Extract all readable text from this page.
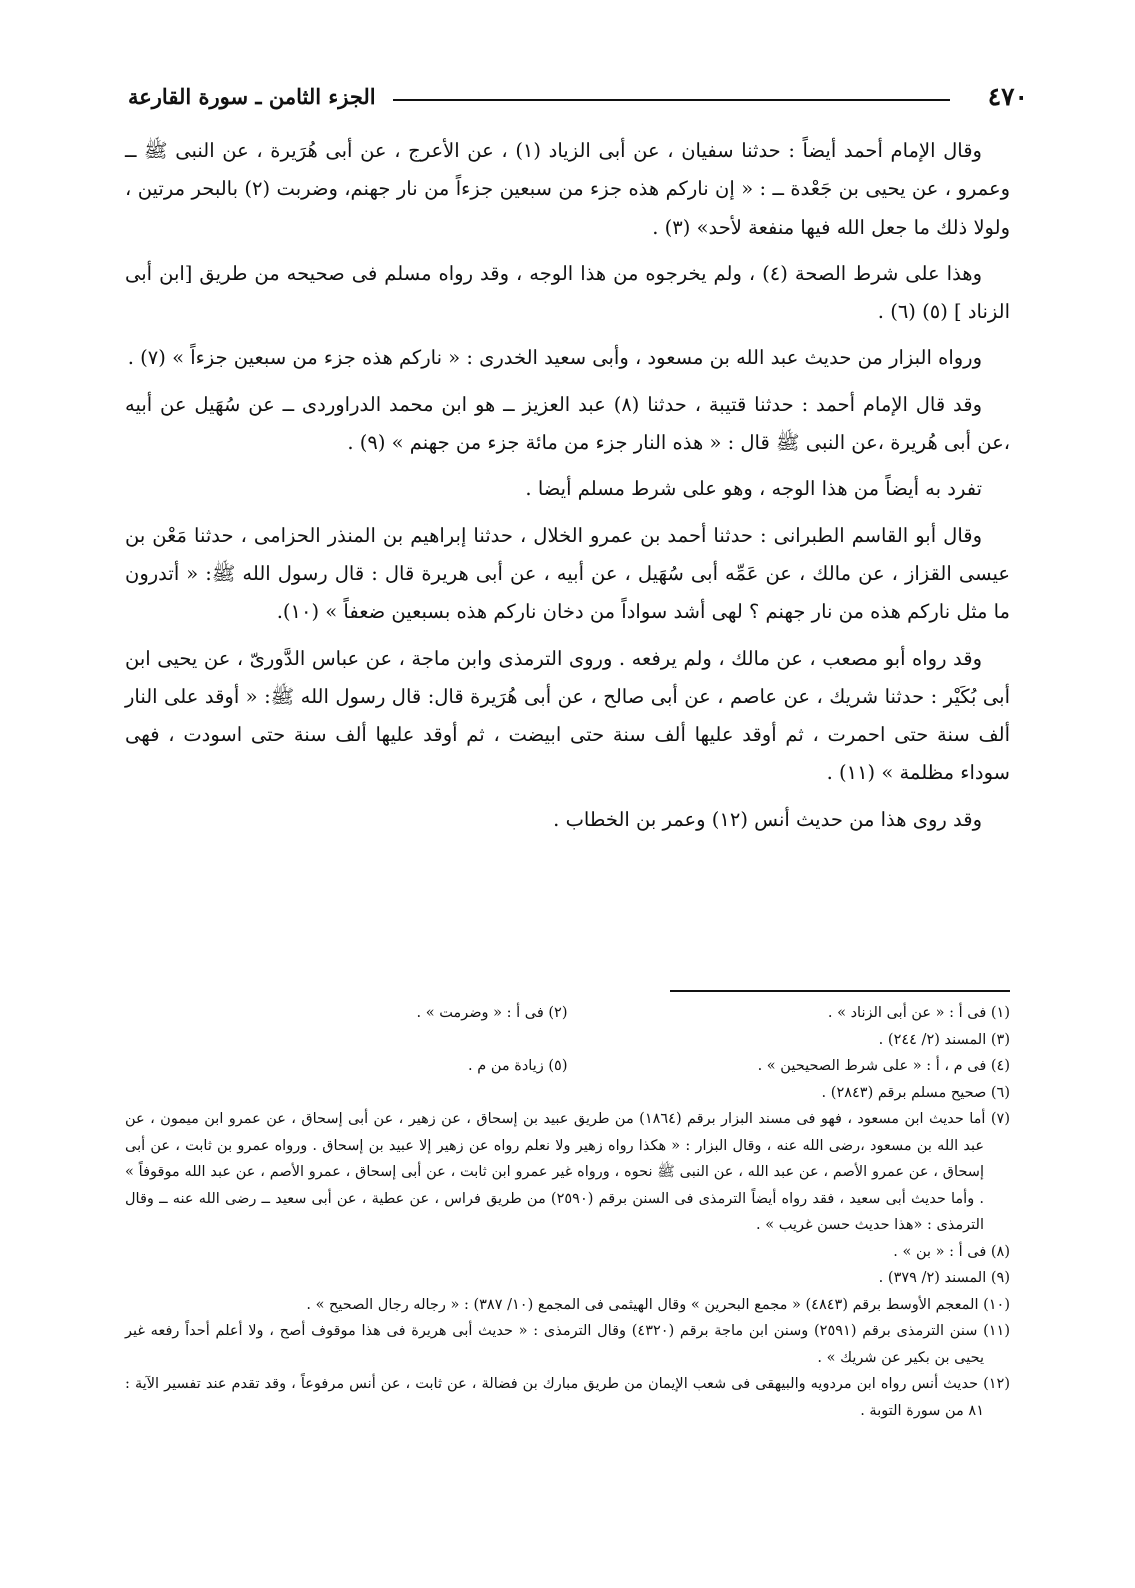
٤٧٠
الجزء الثامن ـ سورة القارعة

وقال الإمام أحمد أيضاً : حدثنا سفيان ، عن أبى الزياد (١) ، عن الأعرج ، عن أبى هُرَيرة ، عن النبى ﷺ ــ وعمرو ، عن يحيى بن جَعْدة ــ : « إن ناركم هذه جزء من سبعين جزءاً من نار جهنم، وضربت (٢) بالبحر مرتين ، ولولا ذلك ما جعل الله فيها منفعة لأحد» (٣) .

وهذا على شرط الصحة (٤) ، ولم يخرجوه من هذا الوجه ، وقد رواه مسلم فى صحيحه من طريق [ابن أبى الزناد ] (٥) (٦) .

ورواه البزار من حديث عبد الله بن مسعود ، وأبى سعيد الخدرى : « ناركم هذه جزء من سبعين جزءاً » (٧) .

وقد قال الإمام أحمد : حدثنا قتيبة ، حدثنا (٨) عبد العزيز ــ هو ابن محمد الدراوردى ــ عن سُهَيل عن أبيه ،عن أبى هُريرة ،عن النبى ﷺ قال : « هذه النار جزء من مائة جزء من جهنم » (٩) .

تفرد به أيضاً من هذا الوجه ، وهو على شرط مسلم أيضا .

وقال أبو القاسم الطبرانى : حدثنا أحمد بن عمرو الخلال ، حدثنا إبراهيم بن المنذر الحزامى ، حدثنا مَعْن بن عيسى القزاز ، عن مالك ، عن عَمِّه أبى سُهَيل ، عن أبيه ، عن أبى هريرة قال : قال رسول الله ﷺ: « أتدرون ما مثل ناركم هذه من نار جهنم ؟ لهى أشد سواداً من دخان ناركم هذه بسبعين ضعفاً » (١٠).

وقد رواه أبو مصعب ، عن مالك ، ولم يرفعه . وروى الترمذى وابن ماجة ، عن عباس الدَّورىّ ، عن يحيى ابن أبى بُكَيْر : حدثنا شريك ، عن عاصم ، عن أبى صالح ، عن أبى هُرَيرة قال: قال رسول الله ﷺ: « أوقد على النار ألف سنة حتى احمرت ، ثم أوقد عليها ألف سنة حتى ابيضت ، ثم أوقد عليها ألف سنة حتى اسودت ، فهى سوداء مظلمة » (١١) .

وقد روى هذا من حديث أنس (١٢) وعمر بن الخطاب .

(١) فى أ : « عن أبى الزناد » .
(٢) فى أ : « وضرمت » .

(٣) المسند (٢/ ٢٤٤) .

(٤) فى م ، أ : « على شرط الصحيحين » .
(٥) زيادة من م .

(٦) صحيح مسلم برقم (٢٨٤٣) .

(٧) أما حديث ابن مسعود ، فهو فى مسند البزار برقم (١٨٦٤) من طريق عبيد بن إسحاق ، عن زهير ، عن أبى إسحاق ، عن عمرو ابن ميمون ، عن عبد الله بن مسعود ،رضى الله عنه ، وقال البزار : « هكذا رواه زهير ولا نعلم رواه عن زهير إلا عبيد بن إسحاق . ورواه عمرو بن ثابت ، عن أبى إسحاق ، عن عمرو الأصم ، عن عبد الله ، عن النبى ﷺ نحوه ، ورواه غير عمرو ابن ثابت ، عن أبى إسحاق ، عمرو الأصم ، عن عبد الله موقوفاً » . وأما حديث أبى سعيد ، فقد رواه أيضاً الترمذى فى السنن برقم (٢٥٩٠) من طريق فراس ، عن عطية ، عن أبى سعيد ــ رضى الله عنه ــ وقال الترمذى : «هذا حديث حسن غريب » .

(٨) فى أ : « بن » .

(٩) المسند (٢/ ٣٧٩) .

(١٠) المعجم الأوسط برقم (٤٨٤٣) « مجمع البحرين » وقال الهيثمى فى المجمع (١٠/ ٣٨٧) : « رجاله رجال الصحيح » .

(١١) سنن الترمذى برقم (٢٥٩١) وسنن ابن ماجة برقم (٤٣٢٠) وقال الترمذى : « حديث أبى هريرة فى هذا موقوف أصح ، ولا أعلم أحداً رفعه غير يحيى بن بكير عن شريك » .

(١٢) حديث أنس رواه ابن مردويه والبيهقى فى شعب الإيمان من طريق مبارك بن فضالة ، عن ثابت ، عن أنس مرفوعاً ، وقد تقدم عند تفسير الآية : ٨١ من سورة التوبة .
